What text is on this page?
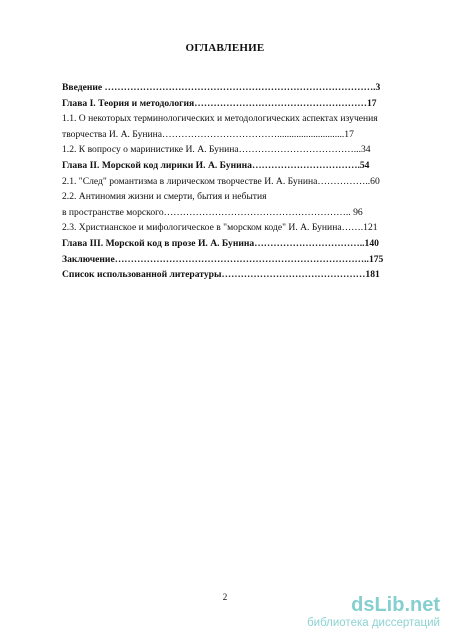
ОГЛАВЛЕНИЕ
Введение ………………………………………………………………………….3
Глава I. Теория и методология………………………………………………17
1.1. О некоторых терминологических и методологических аспектах изучения
творчества И. А. Бунина………………………………............................17
1.2. К вопросу о маринистике И. А. Бунина………………………………...34
Глава II. Морской код лирики И. А. Бунина…………………………….54
2.1. "След" романтизма в лирическом творчестве И. А. Бунина……………..60
2.2. Антиномия жизни и смерти, бытия и небытия
в пространстве морского………………………………………………….. 96
2.3. Христианское и мифологическое в "морском коде" И. А. Бунина…….121
Глава III. Морской код в прозе И. А. Бунина……………………………..140
Заключение……………………………………………………………………..175
Список использованной литературы………………………………………181
2	dsLib.net
библиотека диссертаций
